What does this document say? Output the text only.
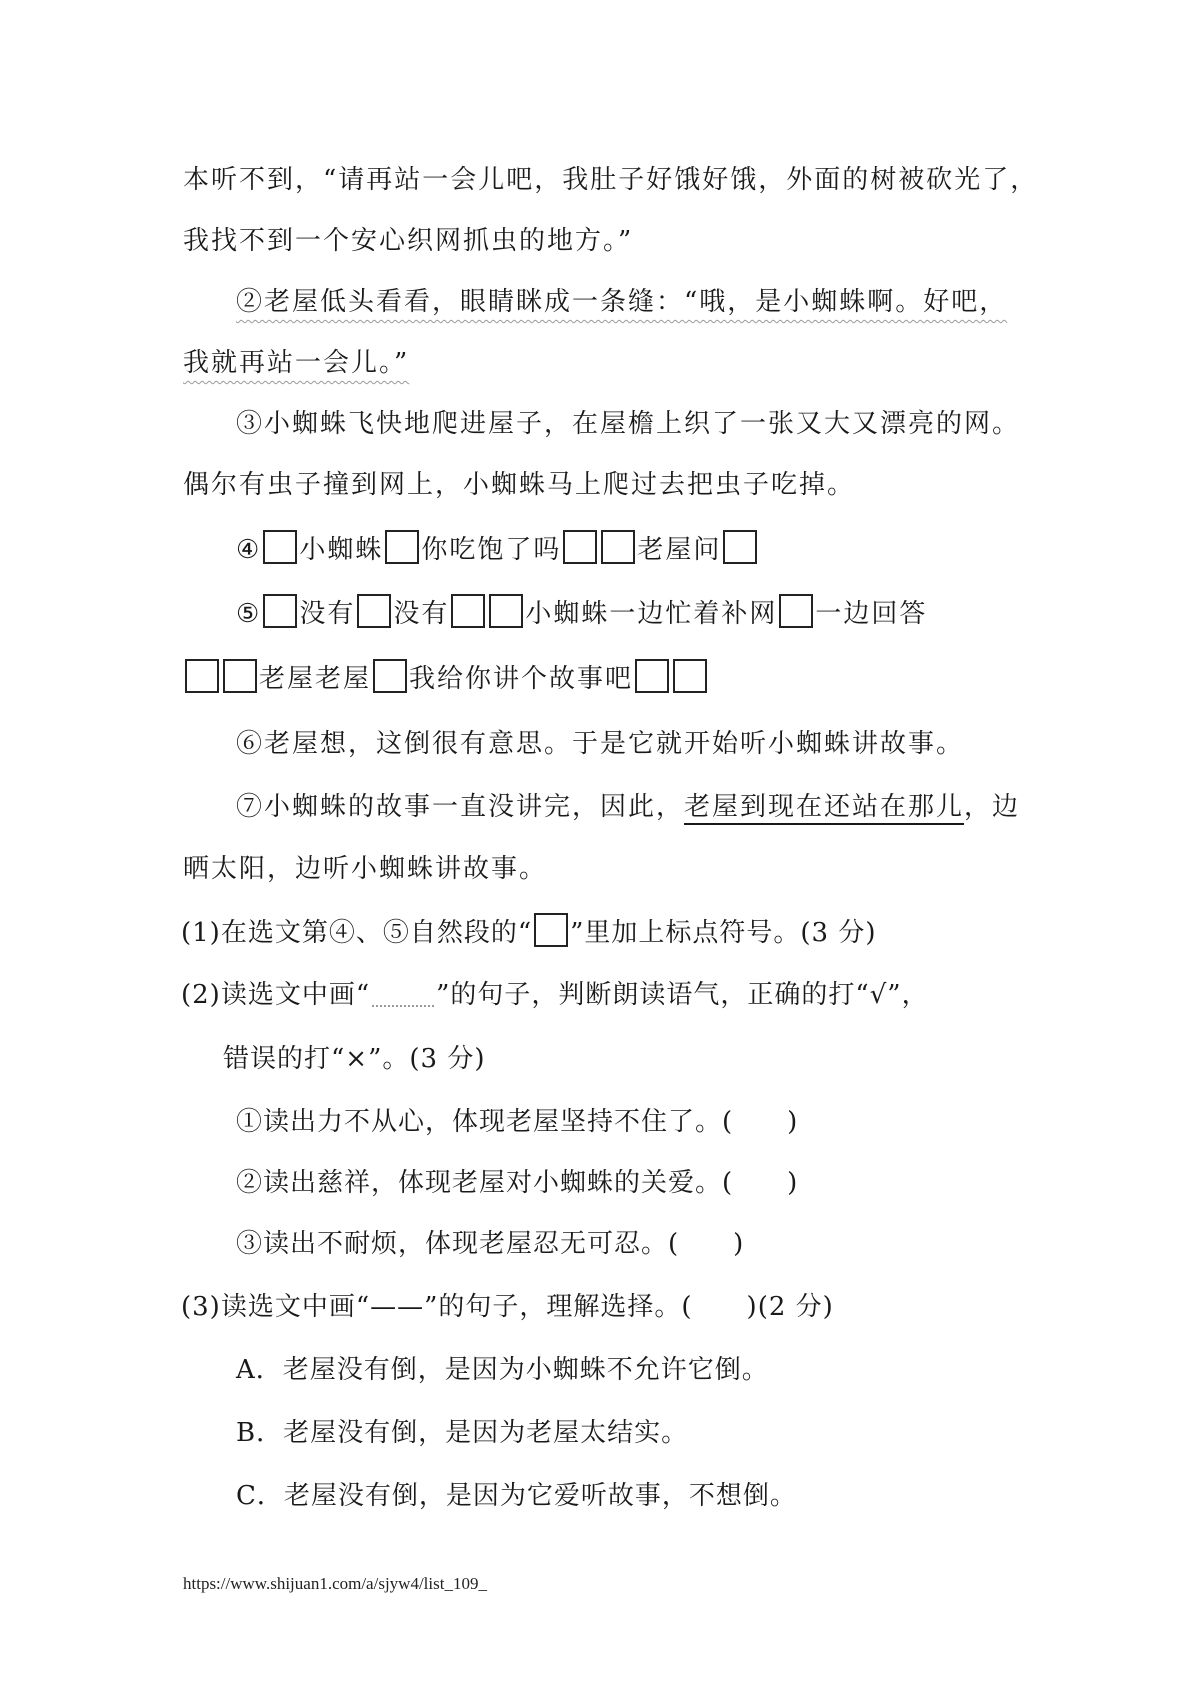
本听不到，“请再站一会儿吧，我肚子好饿好饿，外面的树被砍光了，
我找不到一个安心织网抓虫的地方。”
②老屋低头看看，眼睛眯成一条缝：“哦，是小蜘蛛啊。好吧，
我就再站一会儿。”
③小蜘蛛飞快地爬进屋子，在屋檐上织了一张又大又漂亮的网。
偶尔有虫子撞到网上，小蜘蛛马上爬过去把虫子吃掉。
④ 小蜘蛛 你吃饱了吗	老屋问
⑤ 没有 没有	小蜘蛛一边忙着补网 一边回答
老屋老屋 我给你讲个故事吧
⑥老屋想，这倒很有意思。于是它就开始听小蜘蛛讲故事。
⑦小蜘蛛的故事一直没讲完，因此，老屋到现在还站在那儿，边
晒太阳，边听小蜘蛛讲故事。
(1)在选文第④、⑤自然段的“ ”里加上标点符号。(3 分)
(2)读选文中画“	”的句子，判断朗读语气，正确的打“√”，
错误的打“×”。(3 分)
①读出力不从心，体现老屋坚持不住了。(　　)
②读出慈祥，体现老屋对小蜘蛛的关爱。(　　)
③读出不耐烦，体现老屋忍无可忍。(　　)
(3)读选文中画“——”的句子，理解选择。(　　)(2 分)
A．老屋没有倒，是因为小蜘蛛不允许它倒。
B．老屋没有倒，是因为老屋太结实。
C．老屋没有倒，是因为它爱听故事，不想倒。
https://www.shijuan1.com/a/sjyw4/list_109_
